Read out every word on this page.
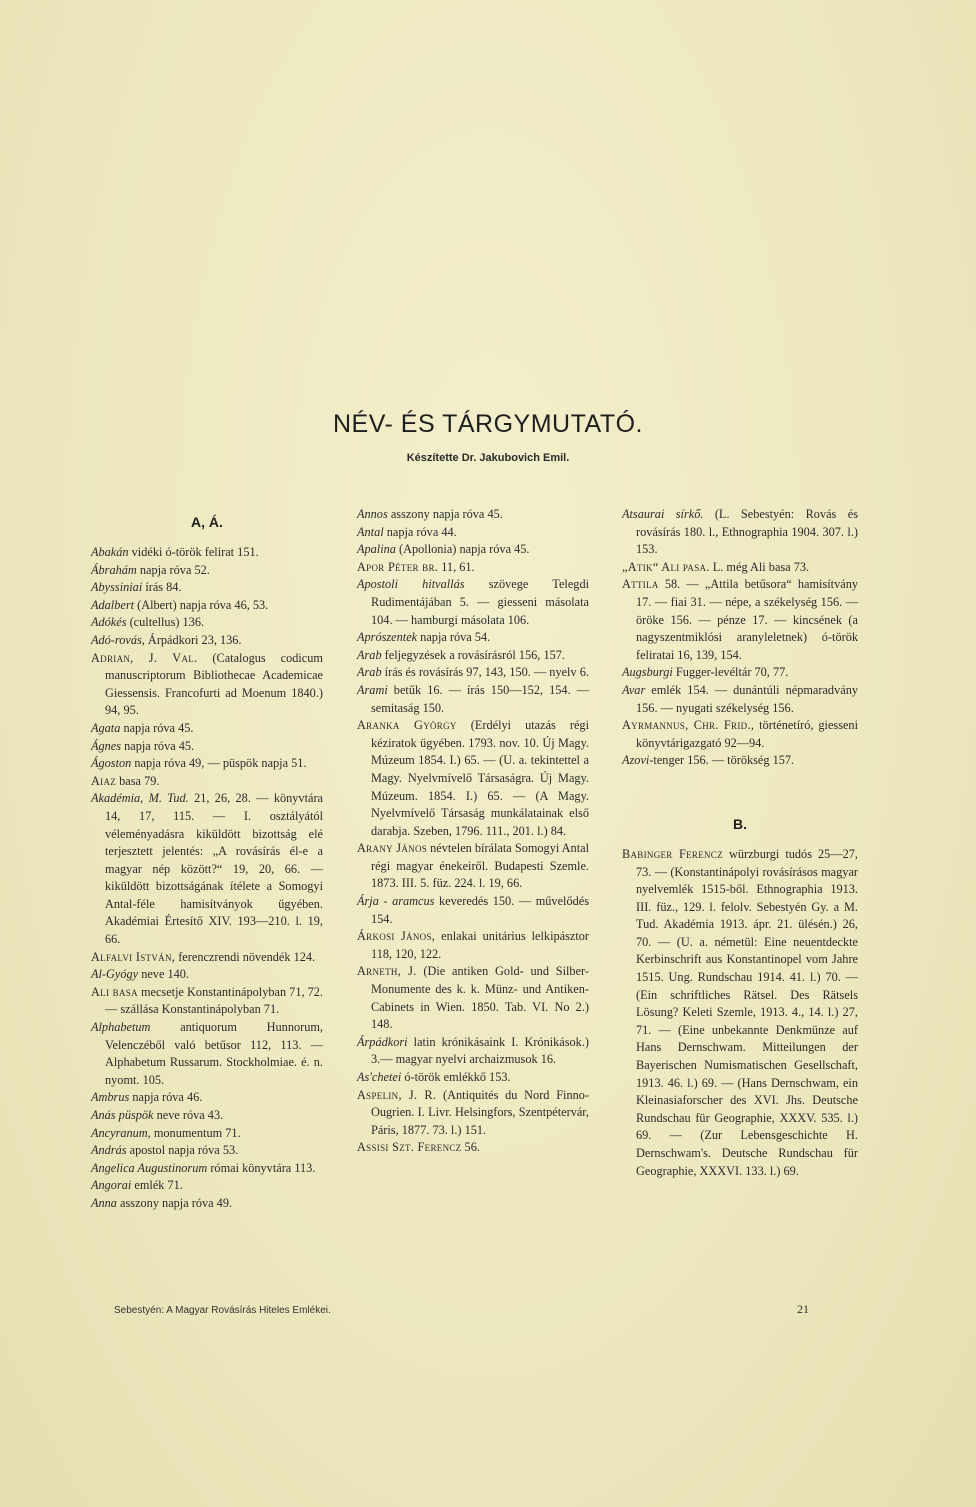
NÉV- ÉS TÁRGYMUTATÓ.
Készítette Dr. Jakubovich Emil.
A, Á.

Abakán vidéki ó-török felirat 151.

Ábrahám napja róva 52.

Abyssiniai írás 84.

Adalbert (Albert) napja róva 46, 53.

Adókés (cultellus) 136.

Adó-rovás, Árpádkori 23, 136.

Adrian, J. Val. (Catalogus codicum manuscriptorum Bibliothecae Academicae Giessensis. Francofurti ad Moenum 1840.) 94, 95.

Agata napja róva 45.

Ágnes napja róva 45.

Ágoston napja róva 49, — püspök napja 51.

Aiaz basa 79.

Akadémia, M. Tud. 21, 26, 28. — könyvtára 14, 17, 115. — I. osztályától véleményadásra kiküldött bizottság elé terjesztett jelentés: „A rovásírás él-e a magyar nép között?“ 19, 20, 66. — kiküldött bizottságának ítélete a Somogyi Antal-féle hamisítványok ügyében. Akadémiai Értesítő XIV. 193—210. l. 19, 66.

Alfalvi István, ferenczrendi növendék 124.

Al-Gyógy neve 140.

Ali basa mecsetje Konstantinápolyban 71, 72. — szállása Konstantinápolyban 71.

Alphabetum antiquorum Hunnorum, Velenczéből való betűsor 112, 113. — Alphabetum Russarum. Stockholmiae. é. n. nyomt. 105.

Ambrus napja róva 46.

Anás püspök neve róva 43.

Ancyranum, monumentum 71.

András apostol napja róva 53.

Angelica Augustinorum római könyvtára 113.

Angorai emlék 71.

Anna asszony napja róva 49.

Annos asszony napja róva 45.

Antal napja róva 44.

Apalina (Apollonia) napja róva 45.

Apor Péter br. 11, 61.

Apostoli hitvallás szövege Telegdi Rudimentájában 5. — giesseni másolata 104. — hamburgi másolata 106.

Aprószentek napja róva 54.

Arab feljegyzések a rovásírásról 156, 157.

Arab írás és rovásírás 97, 143, 150. — nyelv 6.

Arami betűk 16. — írás 150—152, 154. — semitaság 150.

Aranka György (Erdélyi utazás régi kéziratok ügyében. 1793. nov. 10. Új Magy. Múzeum 1854. I.) 65. — (U. a. tekintettel a Magy. Nyelvmívelő Társaságra. Új Magy. Múzeum. 1854. I.) 65. — (A Magy. Nyelvmívelő Társaság munkálatainak első darabja. Szeben, 1796. 111., 201. l.) 84.

Arany János névtelen bírálata Somogyi Antal régi magyar énekeiről. Budapesti Szemle. 1873. III. 5. füz. 224. l. 19, 66.

Árja - aramcus keveredés 150. — művelődés 154.

Árkosi János, enlakai unitárius lelkipásztor 118, 120, 122.

Arneth, J. (Die antiken Gold- und Silber-Monumente des k. k. Münz- und Antiken-Cabinets in Wien. 1850. Tab. VI. No 2.) 148.

Árpádkori latin krónikásaink I. Krónikások.) 3.— magyar nyelvi archaizmusok 16.

As'chetei ó-török emlékkő 153.

Aspelin, J. R. (Antiquités du Nord Finno-Ougrien. I. Livr. Helsingfors, Szentpétervár, Páris, 1877. 73. l.) 151.

Assisi Szt. Ferencz 56.

Atsaurai sírkő. (L. Sebestyén: Rovás és rovásírás 180. l., Ethnographia 1904. 307. l.) 153.

„Atik“ Ali pasa. L. még Ali basa 73.

Attila 58. — „Attila betűsora“ hamisítvány 17. — fiai 31. — népe, a székelység 156. — öröke 156. — pénze 17. — kincsének (a nagyszentmiklósi aranyleletnek) ó-török feliratai 16, 139, 154.

Augsburgi Fugger-levéltár 70, 77.

Avar emlék 154. — dunántúli népmaradvány 156. — nyugati székelység 156.

Ayrmannus, Chr. Frid., történetíró, giesseni könyvtárigazgató 92—94.

Azovi-tenger 156. — törökség 157.

B.

Babinger Ferencz würzburgi tudós 25—27, 73. — (Konstantinápolyi rovásírásos magyar nyelvemlék 1515-ből. Ethnographia 1913. III. füz., 129. l. felolv. Sebestyén Gy. a M. Tud. Akadémia 1913. ápr. 21. ülésén.) 26, 70. — (U. a. németül: Eine neuentdeckte Kerbinschrift aus Konstantinopel vom Jahre 1515. Ung. Rundschau 1914. 41. l.) 70. — (Ein schriftliches Rätsel. Des Rätsels Lösung? Keleti Szemle, 1913. 4., 14. l.) 27, 71. — (Eine unbekannte Denkmünze auf Hans Dernschwam. Mitteilungen der Bayerischen Numismatischen Gesellschaft, 1913. 46. l.) 69. — (Hans Dernschwam, ein Kleinasiaforscher des XVI. Jhs. Deutsche Rundschau für Geographie, XXXV. 535. l.) 69. — (Zur Lebensgeschichte H. Dernschwam's. Deutsche Rundschau für Geographie, XXXVI. 133. l.) 69.

Sebestyén: A Magyar Rovásírás Hiteles Emlékei.	21
